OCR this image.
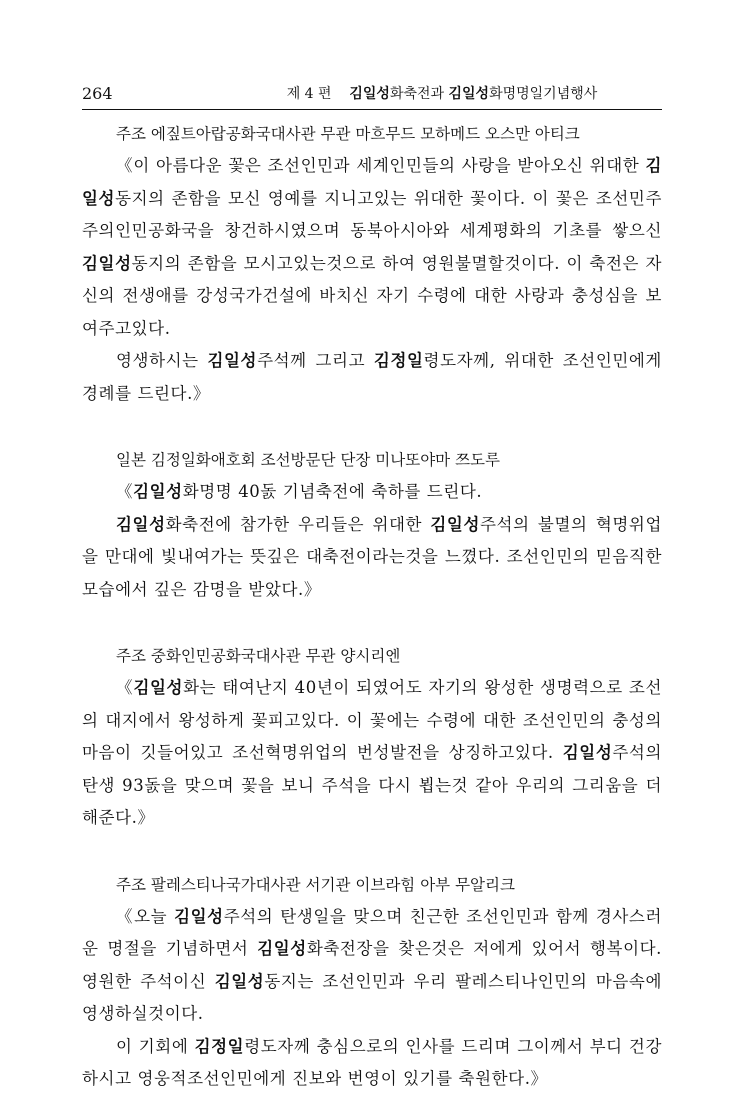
264	제 4 편 김일성화축전과 김일성화명명일기념행사
주조 에짚트아랍공화국대사관 무관 마흐무드 모하메드 오스만 아티크

《이 아름다운 꽃은 조선인민과 세계인민들의 사랑을 받아오신 위대한 김일성동지의 존함을 모신 영예를 지니고있는 위대한 꽃이다. 이 꽃은 조선민주주의인민공화국을 창건하시였으며 동북아시아와 세계평화의 기초를 쌓으신 김일성동지의 존함을 모시고있는것으로 하여 영원불멸할것이다. 이 축전은 자신의 전생애를 강성국가건설에 바치신 자기 수령에 대한 사랑과 충성심을 보여주고있다.

영생하시는 김일성주석께 그리고 김정일령도자께, 위대한 조선인민에게 경례를 드린다.》

일본 김정일화애호회 조선방문단 단장 미나또야마 쯔도루

《김일성화명명 40돐 기념축전에 축하를 드린다.

김일성화축전에 참가한 우리들은 위대한 김일성주석의 불멸의 혁명위업을 만대에 빛내여가는 뜻깊은 대축전이라는것을 느꼈다. 조선인민의 믿음직한 모습에서 깊은 감명을 받았다.》

주조 중화인민공화국대사관 무관 양시리엔

《김일성화는 태여난지 40년이 되였어도 자기의 왕성한 생명력으로 조선의 대지에서 왕성하게 꽃피고있다. 이 꽃에는 수령에 대한 조선인민의 충성의 마음이 깃들어있고 조선혁명위업의 번성발전을 상징하고있다. 김일성주석의 탄생 93돐을 맞으며 꽃을 보니 주석을 다시 뵙는것 같아 우리의 그리움을 더해준다.》

주조 팔레스티나국가대사관 서기관 이브라힘 아부 무알리크

《오늘 김일성주석의 탄생일을 맞으며 친근한 조선인민과 함께 경사스러운 명절을 기념하면서 김일성화축전장을 찾은것은 저에게 있어서 행복이다. 영원한 주석이신 김일성동지는 조선인민과 우리 팔레스티나인민의 마음속에 영생하실것이다.

이 기회에 김정일령도자께 충심으로의 인사를 드리며 그이께서 부디 건강하시고 영웅적조선인민에게 진보와 번영이 있기를 축원한다.》
